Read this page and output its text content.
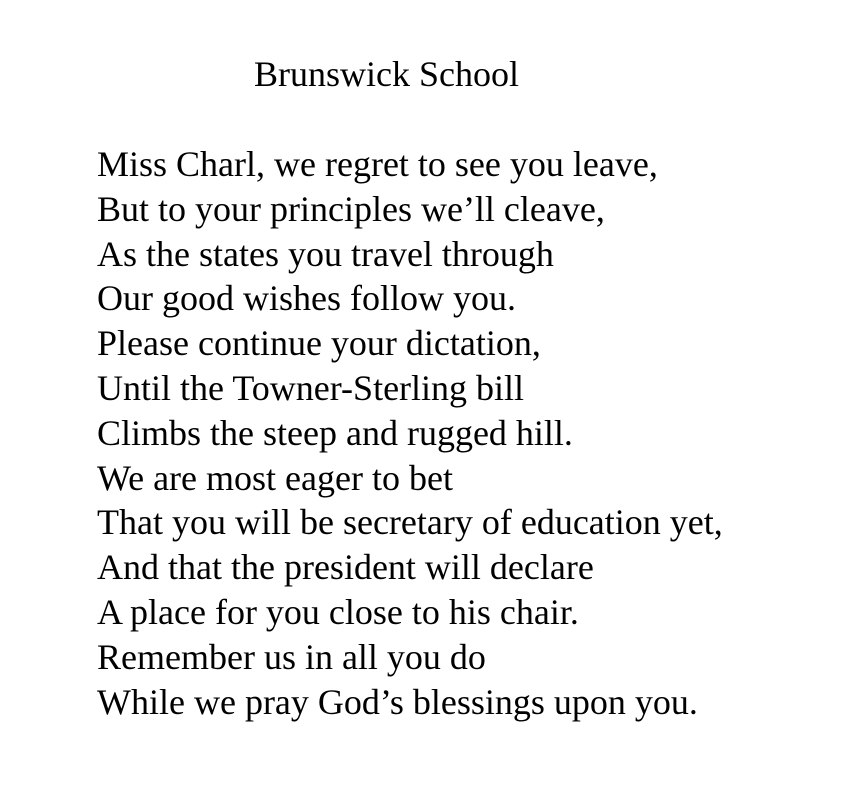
Brunswick School
Miss Charl, we regret to see you leave,
But to your principles we’ll cleave,
As the states you travel through
Our good wishes follow you.
Please continue your dictation,
Until the Towner-Sterling bill
Climbs the steep and rugged hill.
We are most eager to bet
That you will be secretary of education yet,
And that the president will declare
A place for you close to his chair.
Remember us in all you do
While we pray God’s blessings upon you.
